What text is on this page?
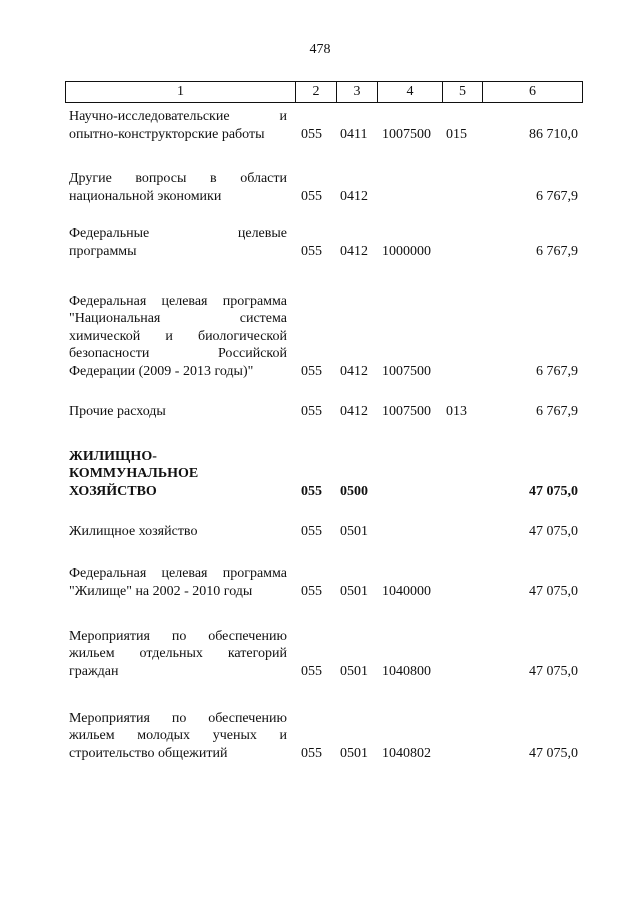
478
1	2	3	4	5	6
Научно-исследовательские и
опытно-конструкторские работы	055 0411 1007500 015	86 710,0
Другие вопросы в области
национальной экономики	055 0412	6 767,9
Федеральные целевые
программы	055 0412 1000000	6 767,9
Федеральная целевая программа
"Национальная система
химической и биологической
безопасности Российской
Федерации (2009 - 2013 годы)"	055 0412 1007500	6 767,9
Прочие расходы	055 0412 1007500 013	6 767,9
ЖИЛИЩНО-
КОММУНАЛЬНОЕ
ХОЗЯЙСТВО	055 0500	47 075,0
Жилищное хозяйство	055 0501	47 075,0
Федеральная целевая программа
"Жилище" на 2002 - 2010 годы	055 0501 1040000	47 075,0
Мероприятия по обеспечению
жильем отдельных категорий
граждан	055 0501 1040800	47 075,0
Мероприятия по обеспечению
жильем молодых ученых и
строительство общежитий	055 0501 1040802	47 075,0
